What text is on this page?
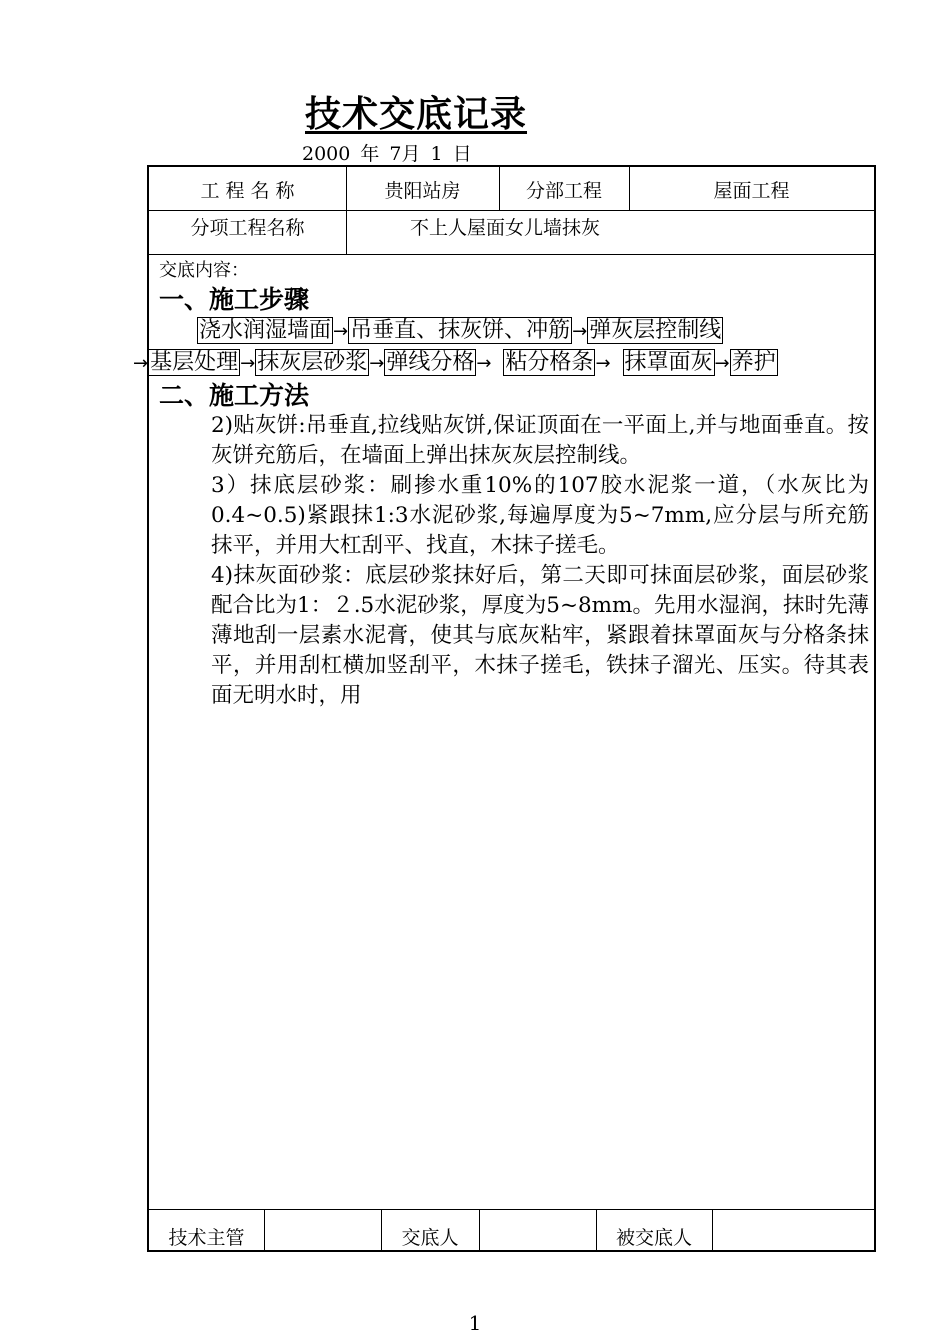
技术交底记录
2000 年 7月 1 日
工 程 名 称	贵阳站房	分部工程	屋面工程
分项工程名称	不上人屋面女儿墙抹灰

交底内容：

一、施工步骤

浇水润湿墙面 →吊垂直、抹灰饼、冲筋 →弹灰层控制线
→基层处理 →抹灰层砂浆 →弹线分格 → 粘分格条 → 抹罩面灰 →养护

二、施工方法

2)贴灰饼:吊垂直,拉线贴灰饼,保证顶面在一平面上,并与地面垂直。按灰饼充筋后，在墙面上弹出抹灰灰层控制线。

3）抹底层砂浆：刷掺水重10%的107胶水泥浆一道，（水灰比为0.4~0.5)紧跟抹1:3水泥砂浆,每遍厚度为5~7mm,应分层与所充筋抹平，并用大杠刮平、找直，木抹子搓毛。

4)抹灰面砂浆：底层砂浆抹好后，第二天即可抹面层砂浆，面层砂浆配合比为1：２.5水泥砂浆，厚度为5~8mm。先用水湿润，抹时先薄薄地刮一层素水泥膏，使其与底灰粘牢，紧跟着抹罩面灰与分格条抹平，并用刮杠横加竖刮平，木抹子搓毛，铁抹子溜光、压实。待其表面无明水时，用

技术主管	交底人	被交底人
1
